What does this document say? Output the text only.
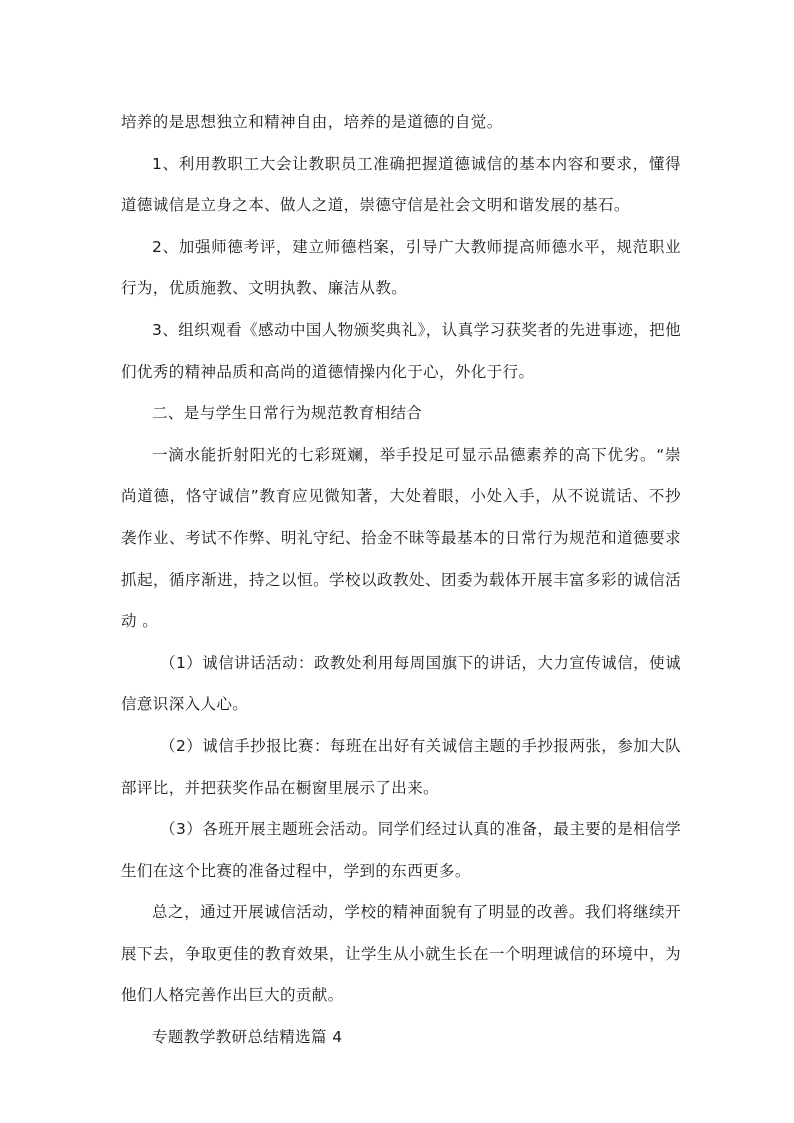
培养的是思想独立和精神自由，培养的是道德的自觉。

1、利用教职工大会让教职员工准确把握道德诚信的基本内容和要求，懂得道德诚信是立身之本、做人之道，崇德守信是社会文明和谐发展的基石。

2、加强师德考评，建立师德档案，引导广大教师提高师德水平，规范职业行为，优质施教、文明执教、廉洁从教。

3、组织观看《感动中国人物颁奖典礼》，认真学习获奖者的先进事迹，把他们优秀的精神品质和高尚的道德情操内化于心，外化于行。

二、是与学生日常行为规范教育相结合

一滴水能折射阳光的七彩斑斓，举手投足可显示品德素养的高下优劣。“崇尚道德，恪守诚信”教育应见微知著，大处着眼，小处入手，从不说谎话、不抄袭作业、考试不作弊、明礼守纪、拾金不昧等最基本的日常行为规范和道德要求抓起，循序渐进，持之以恒。学校以政教处、团委为载体开展丰富多彩的诚信活动 。

（1）诚信讲话活动：政教处利用每周国旗下的讲话，大力宣传诚信，使诚信意识深入人心。

（2）诚信手抄报比赛：每班在出好有关诚信主题的手抄报两张，参加大队部评比，并把获奖作品在橱窗里展示了出来。

（3）各班开展主题班会活动。同学们经过认真的准备，最主要的是相信学生们在这个比赛的准备过程中，学到的东西更多。

总之，通过开展诚信活动，学校的精神面貌有了明显的改善。我们将继续开展下去，争取更佳的教育效果，让学生从小就生长在一个明理诚信的环境中，为他们人格完善作出巨大的贡献。

专题教学教研总结精选篇 4
